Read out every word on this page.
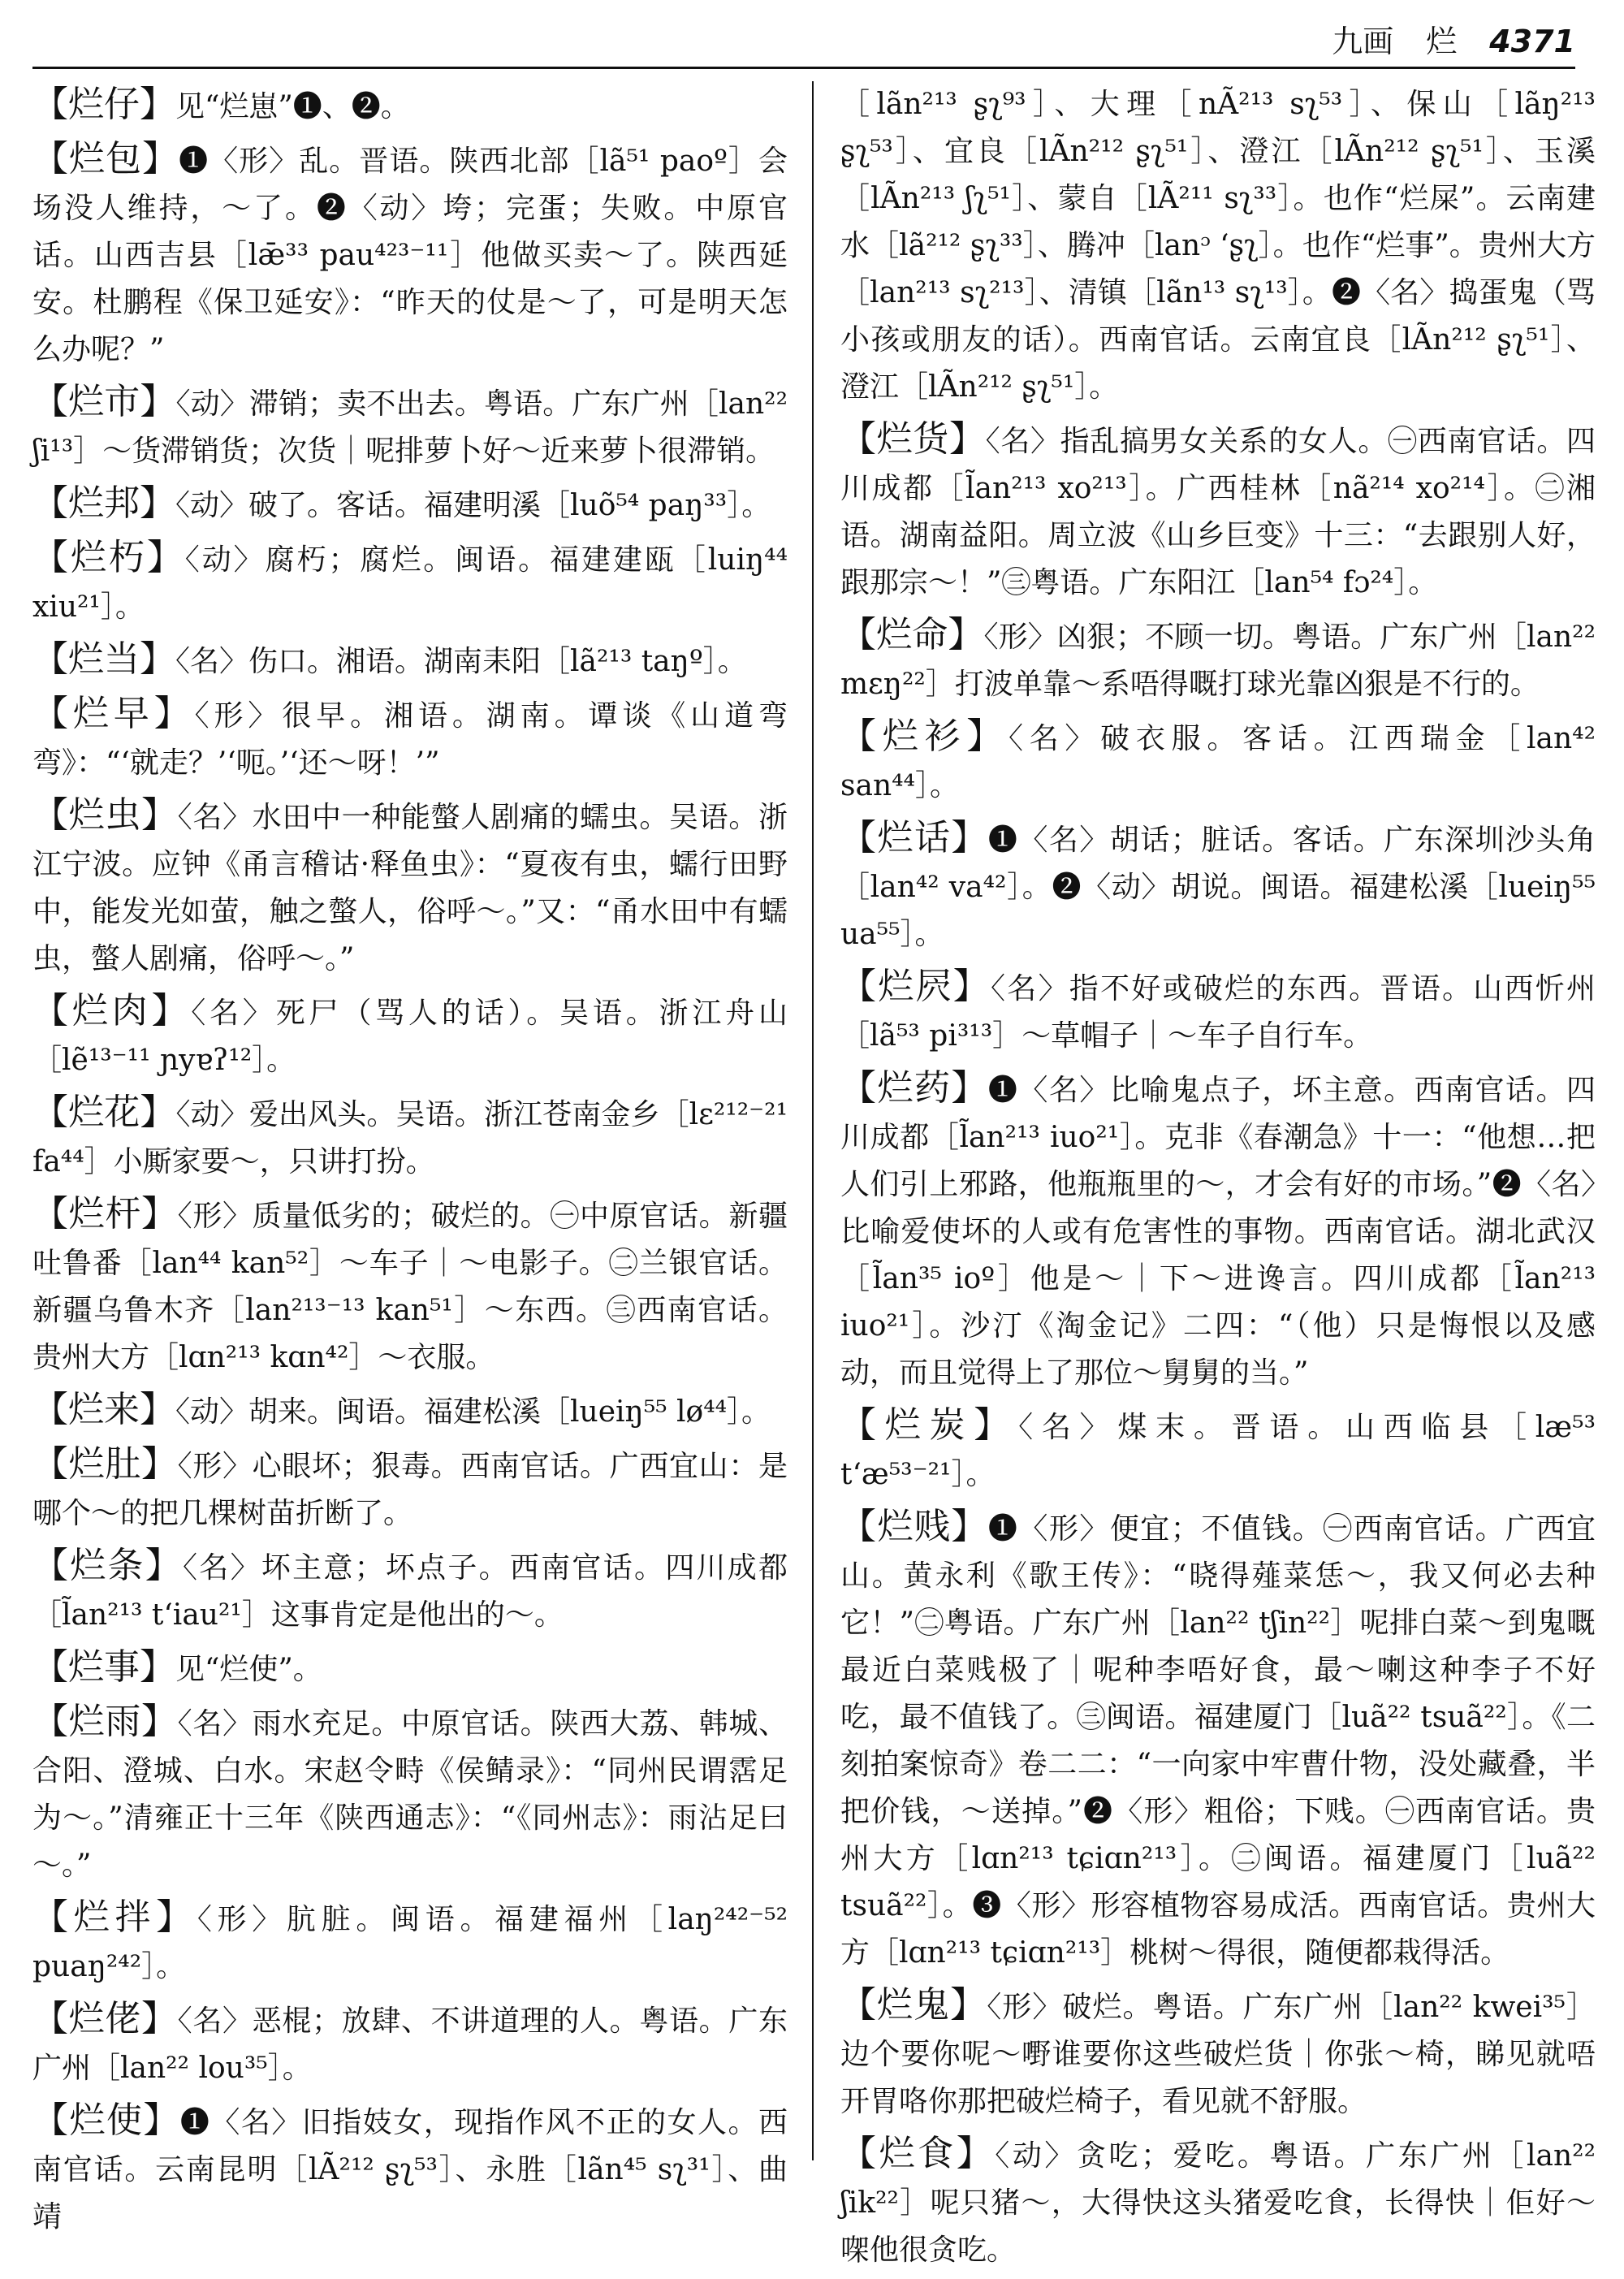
九画 烂 4371

【烂仔】见“烂崽”❶、❷。

【烂包】❶〈形〉乱。晋语。陕西北部［lã⁵¹ paoº］会场没人维持，～了。❷〈动〉垮；完蛋；失败。中原官话。山西吉县［lǣ³³ pau⁴²³⁻¹¹］他做买卖～了。陕西延安。杜鹏程《保卫延安》：“昨天的仗是～了，可是明天怎么办呢？”

【烂市】〈动〉滞销；卖不出去。粤语。广东广州［lan²² ʃi¹³］～货滞销货；次货｜呢排萝卜好～近来萝卜很滞销。

【烂邦】〈动〉破了。客话。福建明溪［luõ⁵⁴ paŋ³³］。

【烂朽】〈动〉腐朽；腐烂。闽语。福建建瓯［luiŋ⁴⁴ xiu²¹］。

【烂当】〈名〉伤口。湘语。湖南耒阳［lã²¹³ taŋº］。

【烂早】〈形〉很早。湘语。湖南。谭谈《山道弯弯》：“‘就走？’‘呃。’‘还～呀！’”

【烂虫】〈名〉水田中一种能螫人剧痛的蠕虫。吴语。浙江宁波。应钟《甬言稽诂·释鱼虫》：“夏夜有虫，蠕行田野中，能发光如萤，触之螫人，俗呼～。”又：“甬水田中有蠕虫，螫人剧痛，俗呼～。”

【烂肉】〈名〉死尸（骂人的话）。吴语。浙江舟山［lẽ¹³⁻¹¹ ɲyɐʔ¹²］。

【烂花】〈动〉爱出风头。吴语。浙江苍南金乡［lɛ²¹²⁻²¹ fa⁴⁴］小厮家要～，只讲打扮。

【烂杆】〈形〉质量低劣的；破烂的。㊀中原官话。新疆吐鲁番［lan⁴⁴ kan⁵²］～车子｜～电影子。㊁兰银官话。新疆乌鲁木齐［lan²¹³⁻¹³ kan⁵¹］～东西。㊂西南官话。贵州大方［lɑn²¹³ kɑn⁴²］～衣服。

【烂来】〈动〉胡来。闽语。福建松溪［lueiŋ⁵⁵ lø⁴⁴］。

【烂肚】〈形〉心眼坏；狠毒。西南官话。广西宜山：是哪个～的把几棵树苗折断了。

【烂条】〈名〉坏主意；坏点子。西南官话。四川成都［l̃an²¹³ tʻiau²¹］这事肯定是他出的～。

【烂事】见“烂使”。

【烂雨】〈名〉雨水充足。中原官话。陕西大荔、韩城、合阳、澄城、白水。宋赵令畤《侯鲭录》：“同州民谓霑足为～。”清雍正十三年《陕西通志》：“《同州志》：雨沾足曰～。”

【烂拌】〈形〉肮脏。闽语。福建福州［laŋ²⁴²⁻⁵² puaŋ²⁴²］。

【烂佬】〈名〉恶棍；放肆、不讲道理的人。粤语。广东广州［lan²² lou³⁵］。

【烂使】❶〈名〉旧指妓女，现指作风不正的女人。西南官话。云南昆明［lÃ²¹² ʂʅ⁵³］、永胜［lãn⁴⁵ sʅ³¹］、曲靖

［lãn²¹³ ʂʅ⁹³］、大理［nÃ²¹³ sʅ⁵³］、保山［lãŋ²¹³ ʂʅ⁵³］、宜良［lÃn²¹² ʂʅ⁵¹］、澄江［lÃn²¹² ʂʅ⁵¹］、玉溪［lÃn²¹³ ʃʅ⁵¹］、蒙自［lÃ²¹¹ sʅ³³］。也作“烂屎”。云南建水［lã²¹² ʂʅ³³］、腾冲［lanᵓ ʻʂʅ］。也作“烂事”。贵州大方［lan²¹³ sʅ²¹³］、清镇［lãn¹³ sʅ¹³］。❷〈名〉捣蛋鬼（骂小孩或朋友的话）。西南官话。云南宜良［lÃn²¹² ʂʅ⁵¹］、澄江［lÃn²¹² ʂʅ⁵¹］。

【烂货】〈名〉指乱搞男女关系的女人。㊀西南官话。四川成都［l̃an²¹³ xo²¹³］。广西桂林［nã²¹⁴ xo²¹⁴］。㊁湘语。湖南益阳。周立波《山乡巨变》十三：“去跟别人好，跟那宗～！”㊂粤语。广东阳江［lan⁵⁴ fɔ²⁴］。

【烂命】〈形〉凶狠；不顾一切。粤语。广东广州［lan²² mɛŋ²²］打波单靠～系唔得嘅打球光靠凶狠是不行的。

【烂衫】〈名〉破衣服。客话。江西瑞金［lan⁴² san⁴⁴］。

【烂话】❶〈名〉胡话；脏话。客话。广东深圳沙头角［lan⁴² va⁴²］。❷〈动〉胡说。闽语。福建松溪［lueiŋ⁵⁵ ua⁵⁵］。

【烂屄】〈名〉指不好或破烂的东西。晋语。山西忻州［lã⁵³ pi³¹³］～草帽子｜～车子自行车。

【烂药】❶〈名〉比喻鬼点子，坏主意。西南官话。四川成都［l̃an²¹³ iuo²¹］。克非《春潮急》十一：“他想…把人们引上邪路，他瓶瓶里的～，才会有好的市场。”❷〈名〉比喻爱使坏的人或有危害性的事物。西南官话。湖北武汉［l̃an³⁵ ioº］他是～｜下～进谗言。四川成都［l̃an²¹³ iuo²¹］。沙汀《淘金记》二四：“（他）只是悔恨以及感动，而且觉得上了那位～舅舅的当。”

【烂炭】〈名〉煤末。晋语。山西临县［læ⁵³ tʻæ⁵³⁻²¹］。

【烂贱】❶〈形〉便宜；不值钱。㊀西南官话。广西宜山。黄永利《歌王传》：“晓得薤菜恁～，我又何必去种它！”㊁粤语。广东广州［lan²² tʃin²²］呢排白菜～到鬼嘅最近白菜贱极了｜呢种李唔好食，最～喇这种李子不好吃，最不值钱了。㊂闽语。福建厦门［luã²² tsuã²²］。《二刻拍案惊奇》卷二二：“一向家中牢曹什物，没处藏叠，半把价钱，～送掉。”❷〈形〉粗俗；下贱。㊀西南官话。贵州大方［lɑn²¹³ tɕiɑn²¹³］。㊁闽语。福建厦门［luã²² tsuã²²］。❸〈形〉形容植物容易成活。西南官话。贵州大方［lɑn²¹³ tɕiɑn²¹³］桃树～得很，随便都栽得活。

【烂鬼】〈形〉破烂。粤语。广东广州［lan²² kwei³⁵］边个要你呢～嘢谁要你这些破烂货｜你张～椅，睇见就唔开胃咯你那把破烂椅子，看见就不舒服。

【烂食】〈动〉贪吃；爱吃。粤语。广东广州［lan²² ʃik²²］呢只猪～，大得快这头猪爱吃食，长得快｜佢好～㗎他很贪吃。
